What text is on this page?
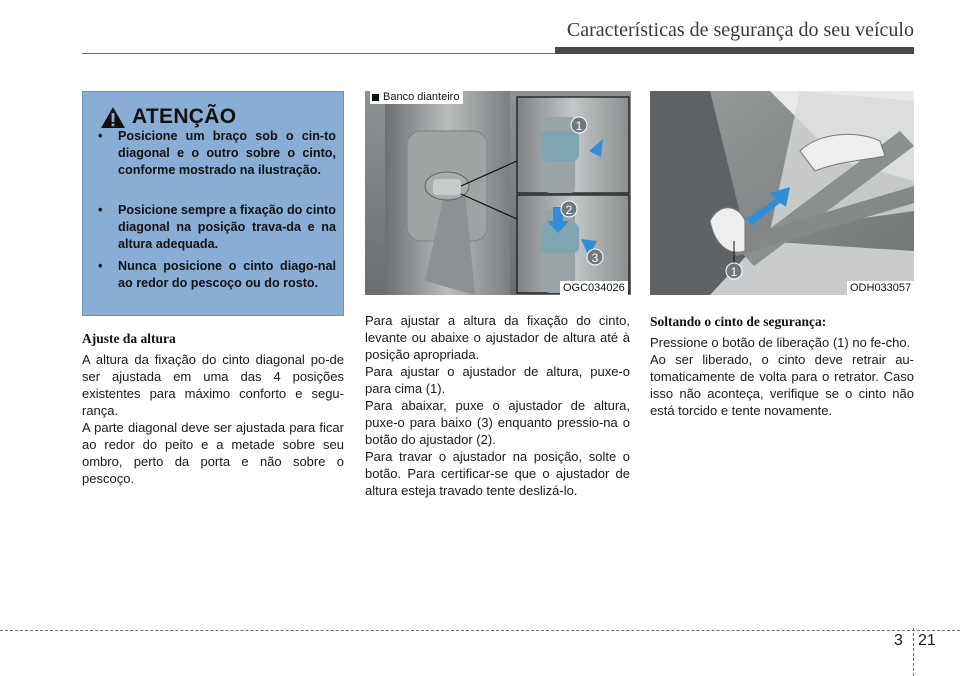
Características de segurança do seu veículo
ATENÇÃO
• Posicione um braço sob o cin-to diagonal e o outro sobre o cinto, conforme mostrado na ilustração.
• Posicione sempre a fixação do cinto diagonal na posição trava-da e na altura adequada.
• Nunca posicione o cinto diago-nal ao redor do pescoço ou do rosto.
Ajuste da altura

A altura da fixação do cinto diagonal po-de ser ajustada em uma das 4 posições existentes para máximo conforto e segu-rança.

A parte diagonal deve ser ajustada para ficar ao redor do peito e a metade sobre seu ombro, perto da porta e não sobre o pescoço.

1
2
3
Banco dianteiro
OGC034026
1
ODH033057

Para ajustar a altura da fixação do cinto, levante ou abaixe o ajustador de altura até à posição apropriada.

Para ajustar o ajustador de altura, puxe-o para cima (1).

Para abaixar, puxe o ajustador de altura, puxe-o para baixo (3) enquanto pressio-na o botão do ajustador (2).

Para travar o ajustador na posição, solte o botão. Para certificar-se que o ajustador de altura esteja travado tente deslizá-lo.

Soltando o cinto de segurança:

Pressione o botão de liberação (1) no fe-cho.

Ao ser liberado, o cinto deve retrair au-tomaticamente de volta para o retrator. Caso isso não aconteça, verifique se o cinto não está torcido e tente novamente.

3 21
